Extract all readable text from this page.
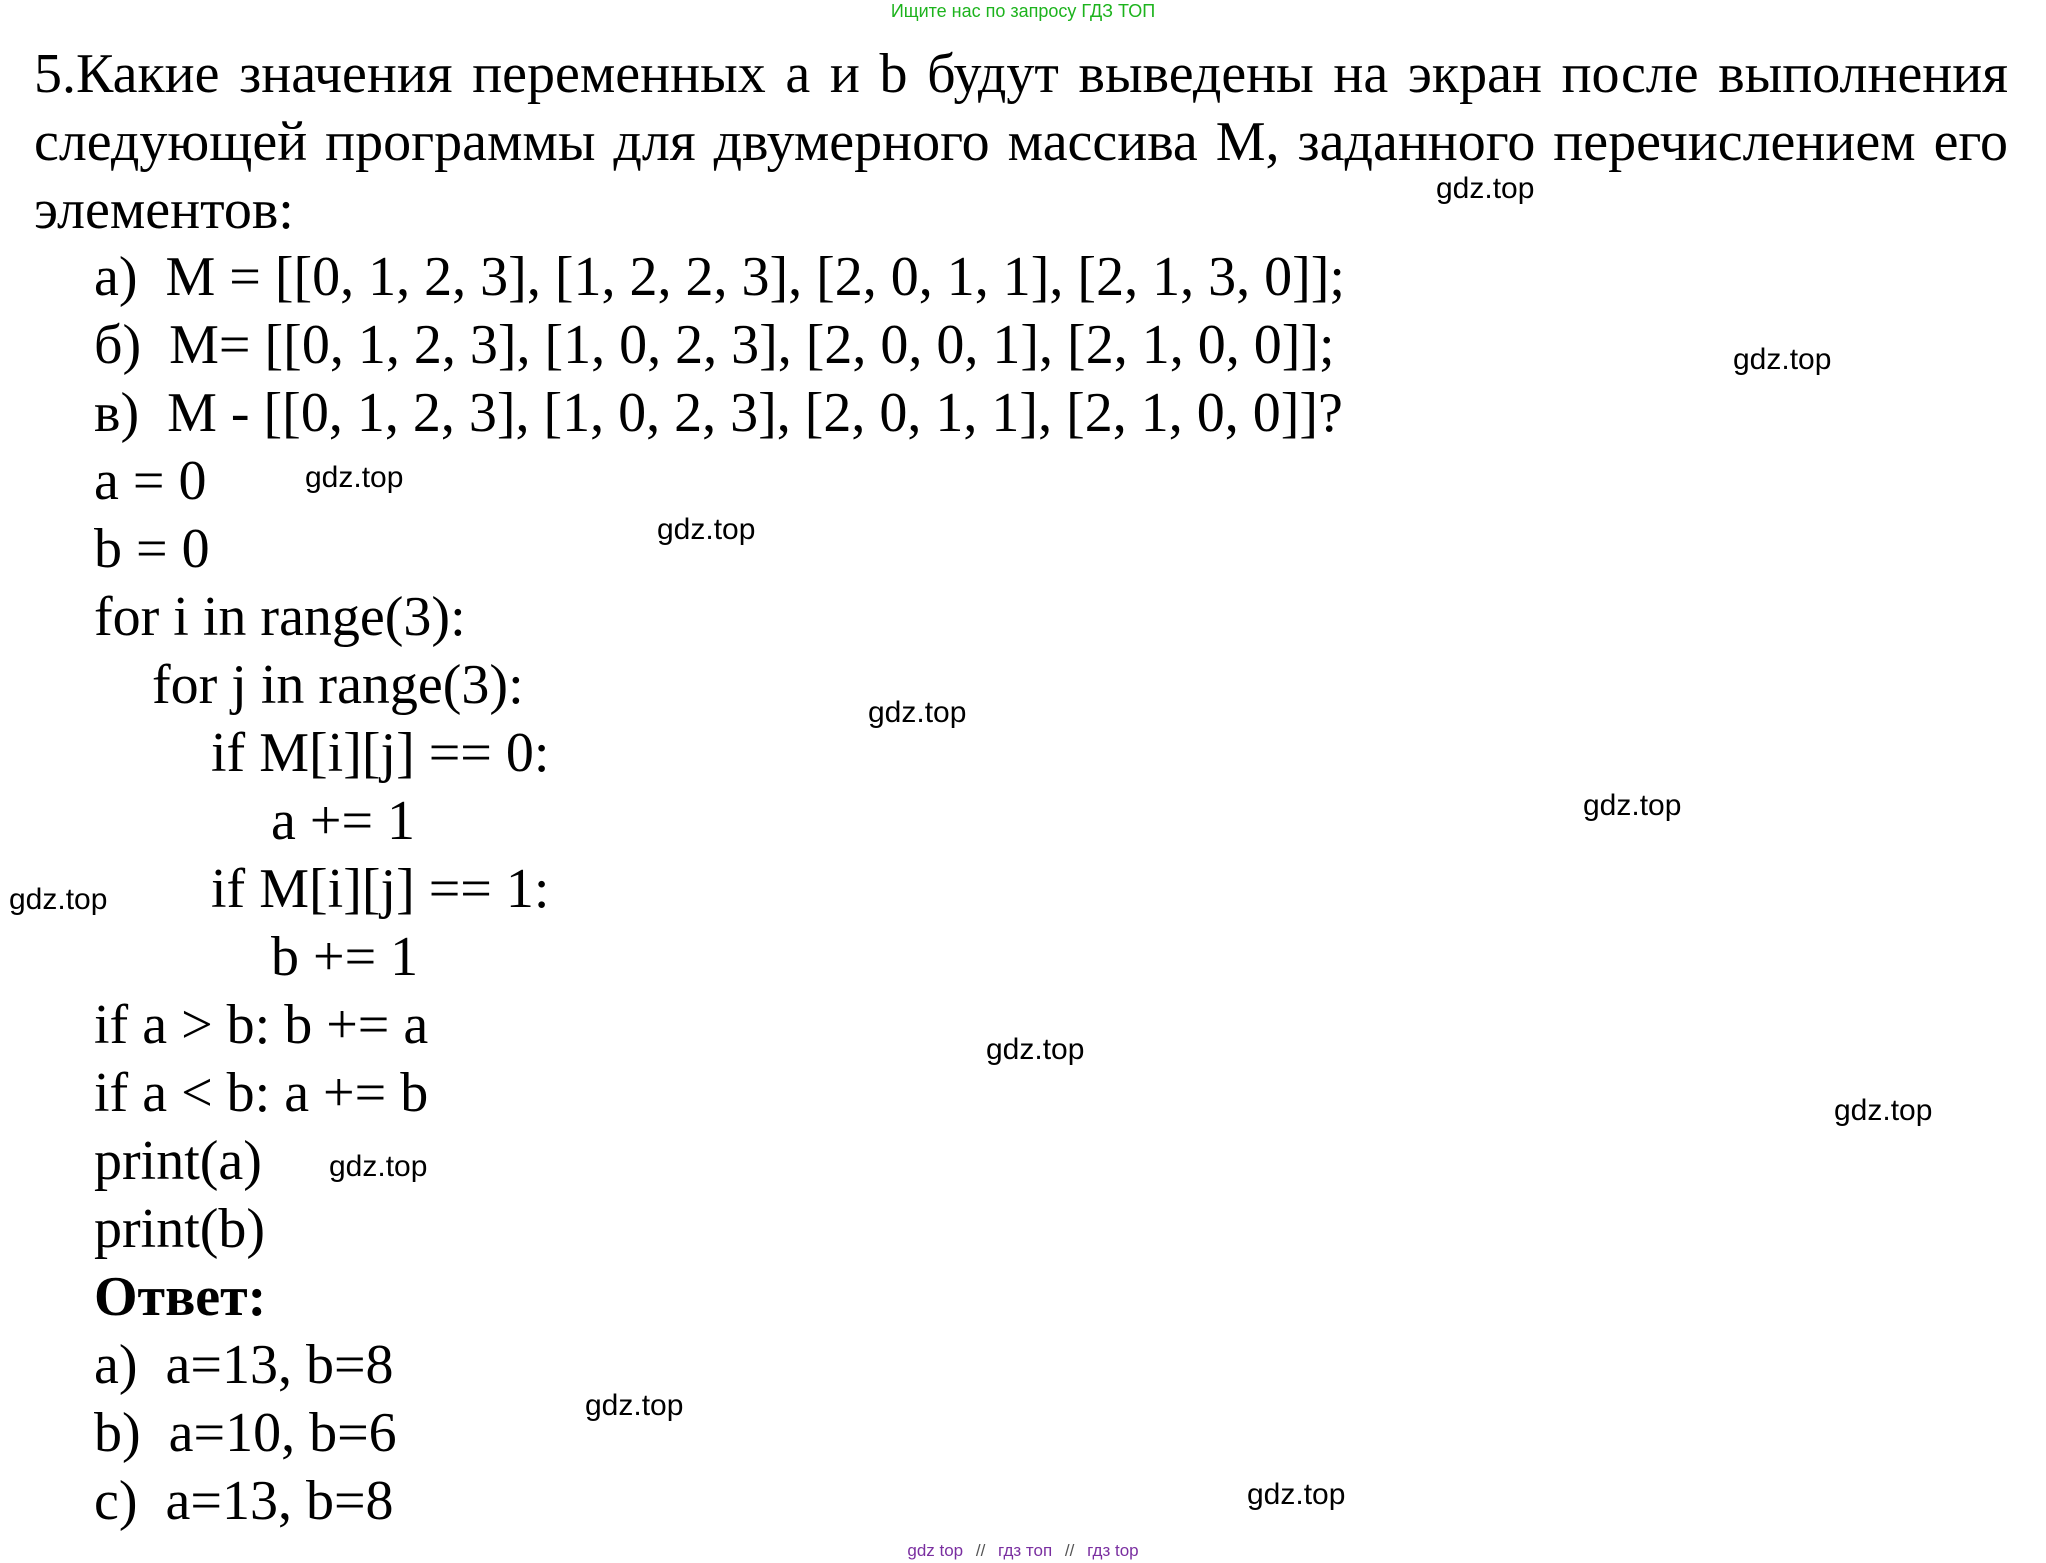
Ищите нас по запросу ГДЗ ТОП

5.Какие значения переменных a и b будут выведены на экран после выполнения следующей программы для двумерного массива М, заданного перечислением его элементов:

а)  M = [[0, 1, 2, 3], [1, 2, 2, 3], [2, 0, 1, 1], [2, 1, 3, 0]];
б)  M= [[0, 1, 2, 3], [1, 0, 2, 3], [2, 0, 0, 1], [2, 1, 0, 0]];
в)  M - [[0, 1, 2, 3], [1, 0, 2, 3], [2, 0, 1, 1], [2, 1, 0, 0]]?
a = 0
b = 0
for i in range(3):
for j in range(3):
if M[i][j] == 0:
a += 1
if M[i][j] == 1:
b += 1
if a > b: b += a
if a < b: a += b
print(a)
print(b)
Ответ:
a)  a=13, b=8
b)  a=10, b=6
c)  a=13, b=8
gdz.top
gdz.top
gdz.top
gdz.top
gdz.top
gdz.top
gdz.top
gdz.top
gdz.top
gdz.top
gdz.top
gdz.top
gdz top // гдз топ // гдз top
